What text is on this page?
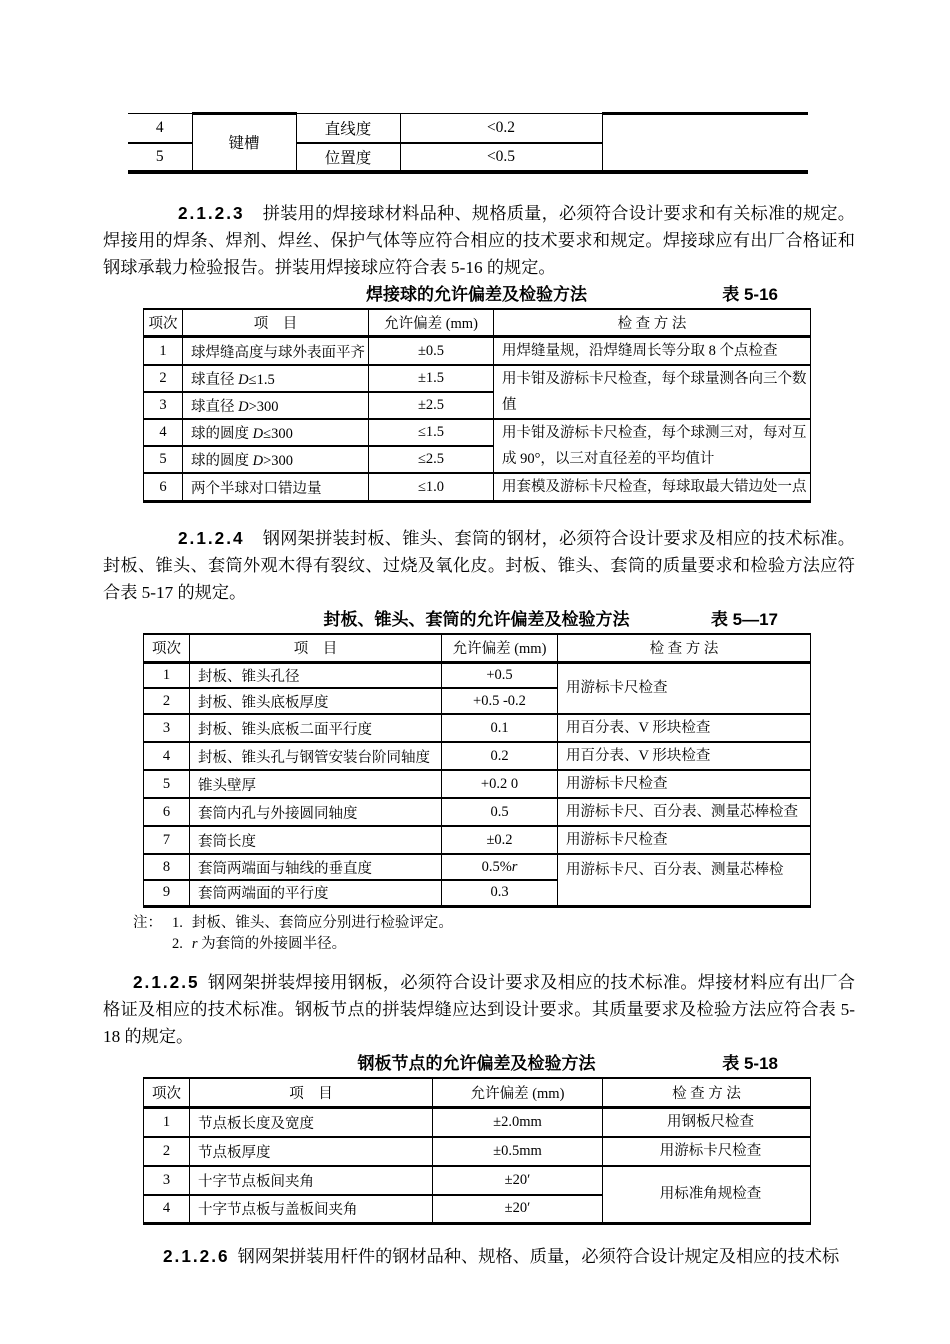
4	键槽	直线度	<0.2	
5		位置度	<0.5	

2.1.2.3 拼装用的焊接球材料品种、规格质量，必须符合设计要求和有关标准的规定。焊接用的焊条、焊剂、焊丝、保护气体等应符合相应的技术要求和规定。焊接球应有出厂合格证和钢球承载力检验报告。拼装用焊接球应符合表 5-16 的规定。

焊接球的允许偏差及检验方法	表 5-16
项次	项　目	允许偏差 (mm)	检 查 方 法
1	球焊缝高度与球外表面平齐	±0.5	用焊缝量规，沿焊缝周长等分取 8 个点检查
2	球直径 D≤1.5	±1.5	用卡钳及游标卡尺检查，每个球量测各向三个数值
3	球直径 D>300	±2.5	
4	球的圆度 D≤300	≤1.5	用卡钳及游标卡尺检查，每个球测三对，每对互成 90°，以三对直径差的平均值计
5	球的圆度 D>300	≤2.5	
6	两个半球对口错边量	≤1.0	用套模及游标卡尺检查，每球取最大错边处一点

2.1.2.4 钢网架拼装封板、锥头、套筒的钢材，必须符合设计要求及相应的技术标准。封板、锥头、套筒外观木得有裂纹、过烧及氧化皮。封板、锥头、套筒的质量要求和检验方法应符合表 5-17 的规定。

封板、锥头、套筒的允许偏差及检验方法	表 5—17
项次	项　目	允许偏差 (mm)	检 查 方 法
1	封板、锥头孔径	+0.5	用游标卡尺检查
2	封板、锥头底板厚度	+0.5 -0.2	
3	封板、锥头底板二面平行度	0.1	用百分表、V 形块检查
4	封板、锥头孔与钢管安装台阶同轴度	0.2	用百分表、V 形块检查
5	锥头壁厚	+0.2 0	用游标卡尺检查
6	套筒内孔与外接圆同轴度	0.5	用游标卡尺、百分表、测量芯棒检查
7	套筒长度	±0.2	用游标卡尺检查
8	套筒两端面与轴线的垂直度	0.5%r	用游标卡尺、百分表、测量芯棒检
9	套筒两端面的平行度	0.3	
注： 1. 封板、锥头、套筒应分别进行检验评定。
2. r 为套筒的外接圆半径。

2.1.2.5 钢网架拼装焊接用钢板，必须符合设计要求及相应的技术标准。焊接材料应有出厂合格证及相应的技术标准。钢板节点的拼装焊缝应达到设计要求。其质量要求及检验方法应符合表 5-18 的规定。

钢板节点的允许偏差及检验方法	表 5-18
项次	项　目	允许偏差 (mm)	检 查 方 法
1	节点板长度及宽度	±2.0mm	用钢板尺检查
2	节点板厚度	±0.5mm	用游标卡尺检查
3	十字节点板间夹角	±20′	用标准角规检查
4	十字节点板与盖板间夹角	±20′	

2.1.2.6 钢网架拼装用杆件的钢材品种、规格、质量，必须符合设计规定及相应的技术标
